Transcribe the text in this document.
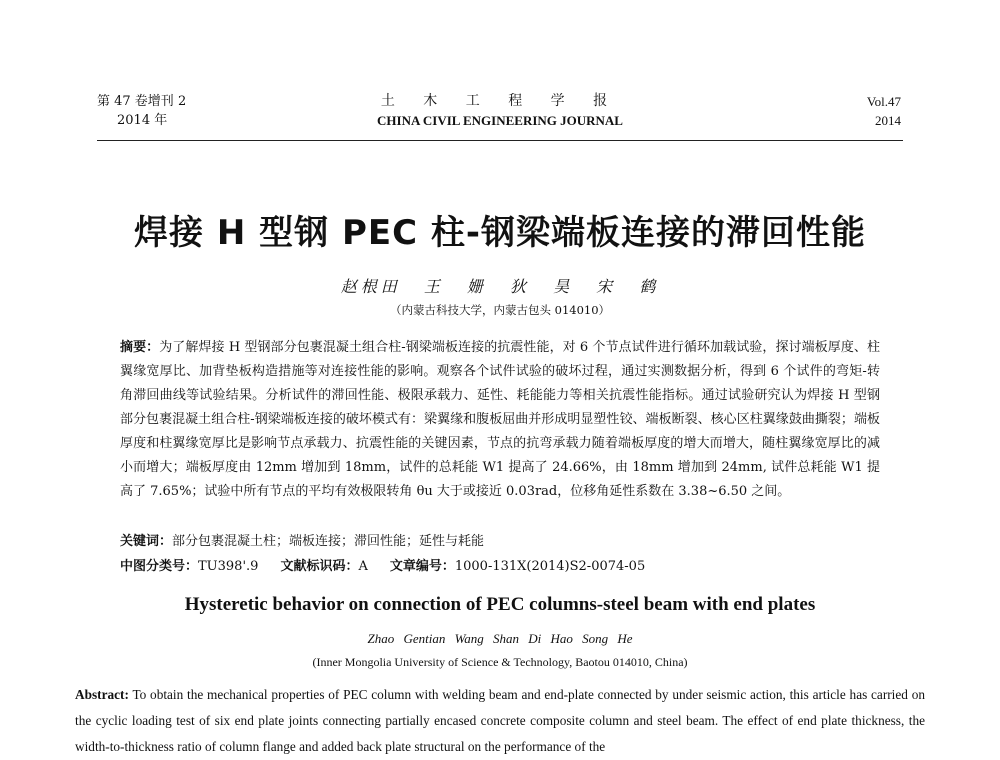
第 47 卷增刊 2
2014 年
土 木 工 程 学 报
CHINA CIVIL ENGINEERING JOURNAL
Vol.47
2014
焊接 H 型钢 PEC 柱-钢梁端板连接的滞回性能
赵根田 王 姗 狄 昊 宋 鹤
（内蒙古科技大学，内蒙古包头 014010）
摘要：为了解焊接 H 型钢部分包裹混凝土组合柱-钢梁端板连接的抗震性能，对 6 个节点试件进行循环加载试验，探讨端板厚度、柱翼缘宽厚比、加背垫板构造措施等对连接性能的影响。观察各个试件试验的破坏过程，通过实测数据分析，得到 6 个试件的弯矩-转角滞回曲线等试验结果。分析试件的滞回性能、极限承载力、延性、耗能能力等相关抗震性能指标。通过试验研究认为焊接 H 型钢部分包裹混凝土组合柱-钢梁端板连接的破坏模式有：梁翼缘和腹板屈曲并形成明显塑性铰、端板断裂、核心区柱翼缘鼓曲撕裂；端板厚度和柱翼缘宽厚比是影响节点承载力、抗震性能的关键因素，节点的抗弯承载力随着端板厚度的增大而增大，随柱翼缘宽厚比的减小而增大；端板厚度由 12mm 增加到 18mm，试件的总耗能 W1 提高了 24.66%，由 18mm 增加到 24mm, 试件总耗能 W1 提高了 7.65%；试验中所有节点的平均有效极限转角 θu 大于或接近 0.03rad，位移角延性系数在 3.38~6.50 之间。
关键词：部分包裹混凝土柱；端板连接；滞回性能；延性与耗能
中图分类号：TU398'.9 文献标识码：A 文章编号：1000-131X(2014)S2-0074-05
Hysteretic behavior on connection of PEC columns-steel beam with end plates
Zhao Gentian Wang Shan Di Hao Song He
(Inner Mongolia University of Science & Technology, Baotou 014010, China)
Abstract: To obtain the mechanical properties of PEC column with welding beam and end-plate connected by under seismic action, this article has carried on the cyclic loading test of six end plate joints connecting partially encased concrete composite column and steel beam. The effect of end plate thickness, the width-to-thickness ratio of column flange and added back plate structural on the performance of the
